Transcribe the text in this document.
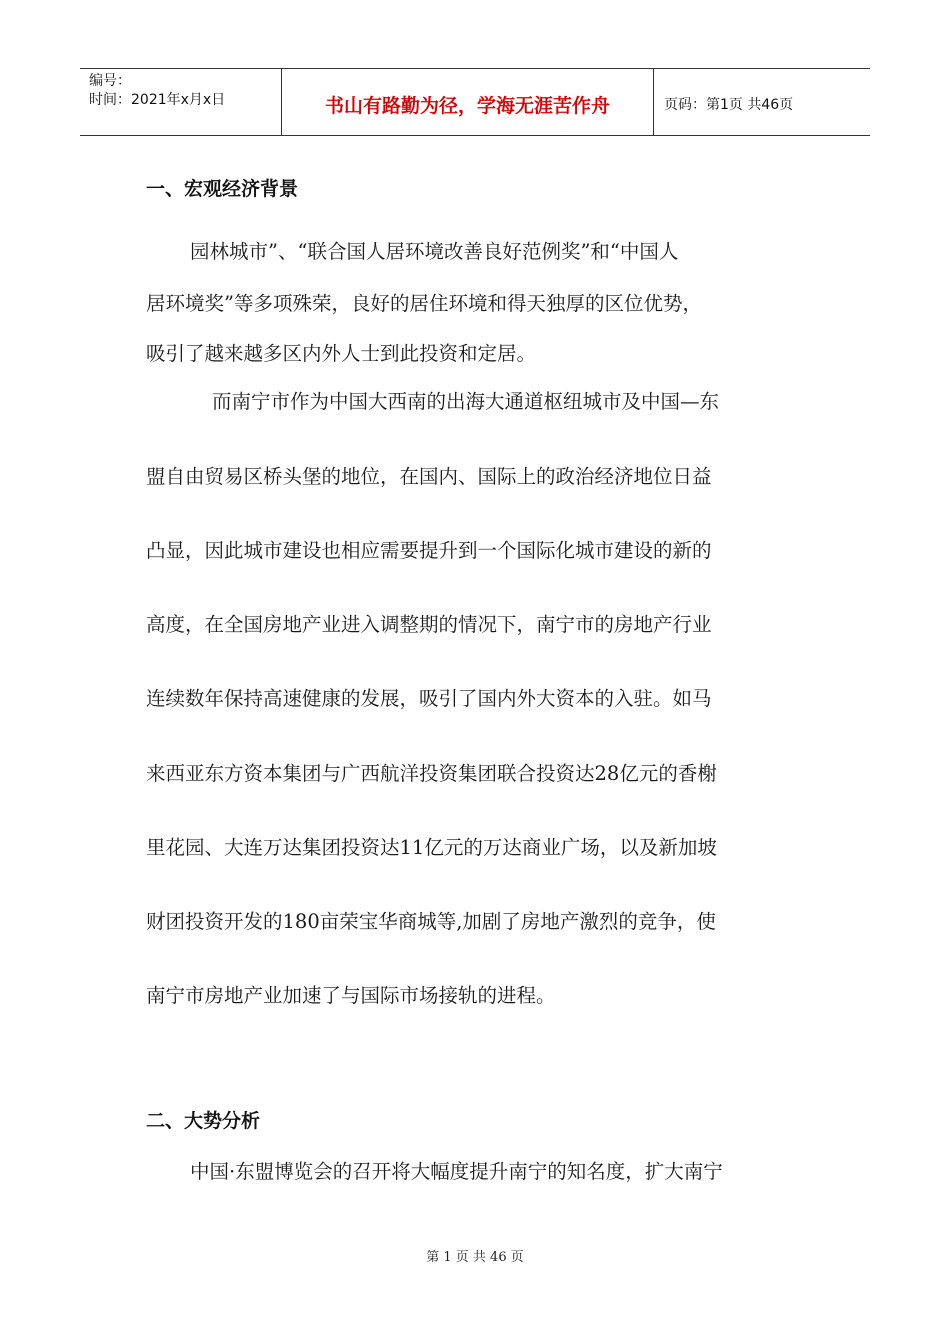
编号：
时间：2021年x月x日	书山有路勤为径，学海无涯苦作舟	页码：第1页 共46页
一、宏观经济背景
园林城市”、“联合国人居环境改善良好范例奖”和“中国人
居环境奖”等多项殊荣，良好的居住环境和得天独厚的区位优势，
吸引了越来越多区内外人士到此投资和定居。
而南宁市作为中国大西南的出海大通道枢纽城市及中国—东
盟自由贸易区桥头堡的地位，在国内、国际上的政治经济地位日益
凸显，因此城市建设也相应需要提升到一个国际化城市建设的新的
高度，在全国房地产业进入调整期的情况下，南宁市的房地产行业
连续数年保持高速健康的发展，吸引了国内外大资本的入驻。如马
来西亚东方资本集团与广西航洋投资集团联合投资达28亿元的香榭
里花园、大连万达集团投资达11亿元的万达商业广场，以及新加坡
财团投资开发的180亩荣宝华商城等,加剧了房地产激烈的竞争，使
南宁市房地产业加速了与国际市场接轨的进程。
二、大势分析
中国·东盟博览会的召开将大幅度提升南宁的知名度，扩大南宁
第 1 页 共 46 页
